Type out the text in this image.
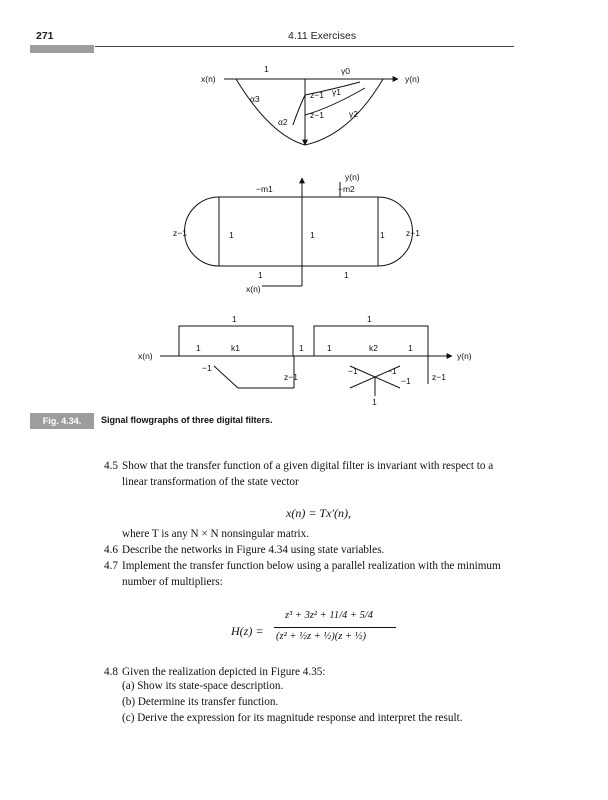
271	4.11 Exercises
x(n)	y(n)
1	γ0
z−1 γ1
α3
z−1	γ2
α2
y(n)
−m1	−m2
z−1	z−1
1	1	1
1	1
x(n)
x(n)	y(n)
1	1
1	k1	1	1	k2	1
−1
z−1
−1	−1
−1	z−1
1
Fig. 4.34.	Signal flowgraphs of three digital filters.
4.5 Show that the transfer function of a given digital filter is invariant with respect to a
linear transformation of the state vector
x(n) = Tx′(n),
where T is any N × N nonsingular matrix.
4.6 Describe the networks in Figure 4.34 using state variables.
4.7 Implement the transfer function below using a parallel realization with the minimum
number of multipliers:
H(z) =
z³ + 3z² + 11/4 + 5/4
(z² + ½z + ½)(z + ½)
4.8 Given the realization depicted in Figure 4.35:
(a) Show its state-space description.
(b) Determine its transfer function.
(c) Derive the expression for its magnitude response and interpret the result.
